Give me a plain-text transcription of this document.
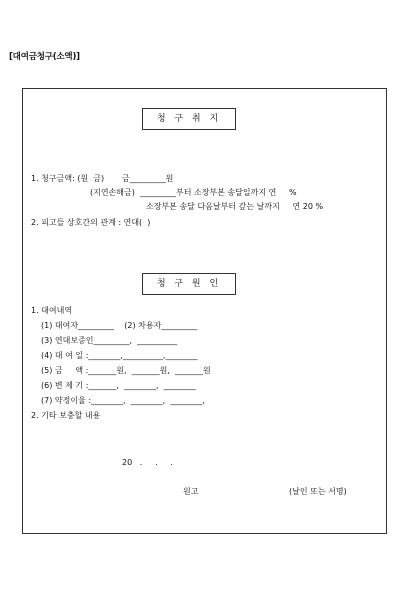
[대여금청구(소액)]
청 구 취 지
1. 청구금액: (원  금)       금_________원
(지연손해금)  _________부터 소장부본 송달일까지 연     %
소장부본 송달 다음날부터 갚는 날까지     연 20 %
2. 피고들 상호간의 관계 : 연대(  )
청 구 원 인
1. 대여내역
(1) 대여자_________    (2) 차용자_________
(3) 연대보증인_________,  __________
(4) 대 여 일 :________,__________,________
(5) 금     액 :_______원,  _______원,  _______원
(6) 변 제 기 :_______,  ________,  ________
(7) 약정이율 :________,  ________,  ________,
2. 기타 보충할 내용
20   .     .     .
원고	(날인 또는 서명)
